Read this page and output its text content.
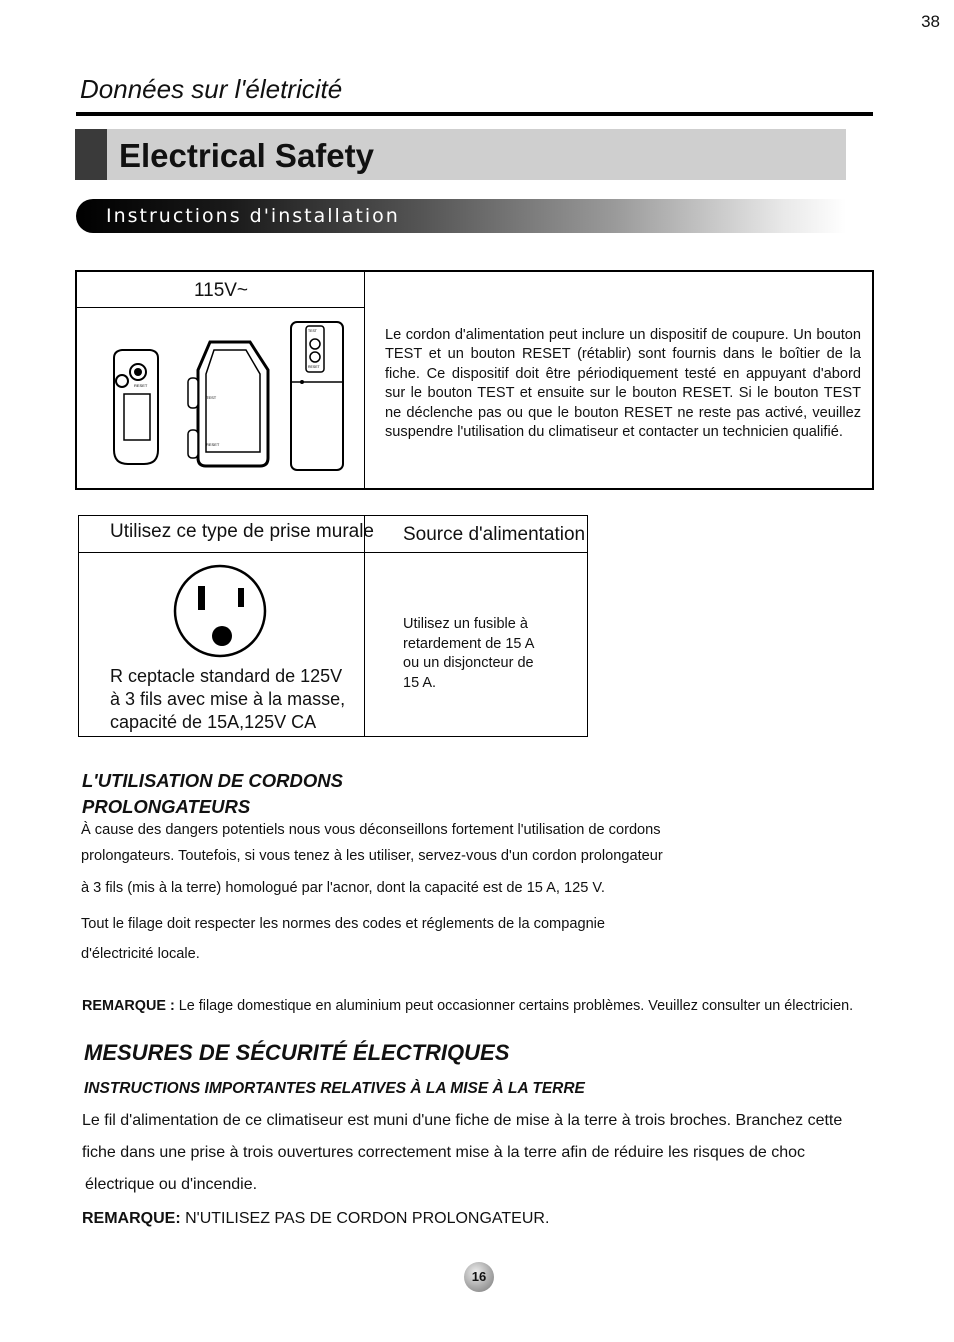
38
Données sur l'életricité
Electrical Safety
Instructions d'installation
115V~
RESET
TEST
RESET
TEST
RESET
Le cordon d'alimentation peut inclure un dispositif de coupure. Un bouton TEST et un bouton RESET (rétablir) sont fournis dans le boîtier de la fiche. Ce dispositif doit être périodiquement testé en appuyant d'abord sur le bouton TEST et ensuite sur le bouton RESET. Si le bouton TEST ne déclenche pas ou que le bouton RESET ne reste pas activé, veuillez suspendre l'utilisation du climatiseur et contacter un technicien qualifié.
Utilisez ce type de prise murale Source d'alimentation
R ceptacle standard de 125V
à 3 fils avec mise à la masse,
capacité de 15A,125V CA
Utilisez un fusible à
retardement de 15 A
ou un disjoncteur de
15 A.
L'UTILISATION DE CORDONS
PROLONGATEURS
À cause des dangers potentiels nous vous déconseillons fortement l'utilisation de cordons
prolongateurs. Toutefois, si vous tenez à les utiliser, servez-vous d'un cordon prolongateur
à 3 fils (mis à la terre) homologué par l'acnor, dont la capacité est de 15 A, 125 V.
Tout le filage doit respecter les normes des codes et réglements de la compagnie
d'électricité locale.
REMARQUE : Le filage domestique en aluminium peut occasionner certains problèmes. Veuillez consulter un électricien.
MESURES DE SÉCURITÉ ÉLECTRIQUES
INSTRUCTIONS IMPORTANTES RELATIVES À LA MISE À LA TERRE
Le fil d'alimentation de ce climatiseur est muni d'une fiche de mise à la terre à trois broches. Branchez cette
fiche dans une prise à trois ouvertures correctement mise à la terre afin de réduire les risques de choc
électrique ou d'incendie.
REMARQUE: N'UTILISEZ PAS DE CORDON PROLONGATEUR.
16
